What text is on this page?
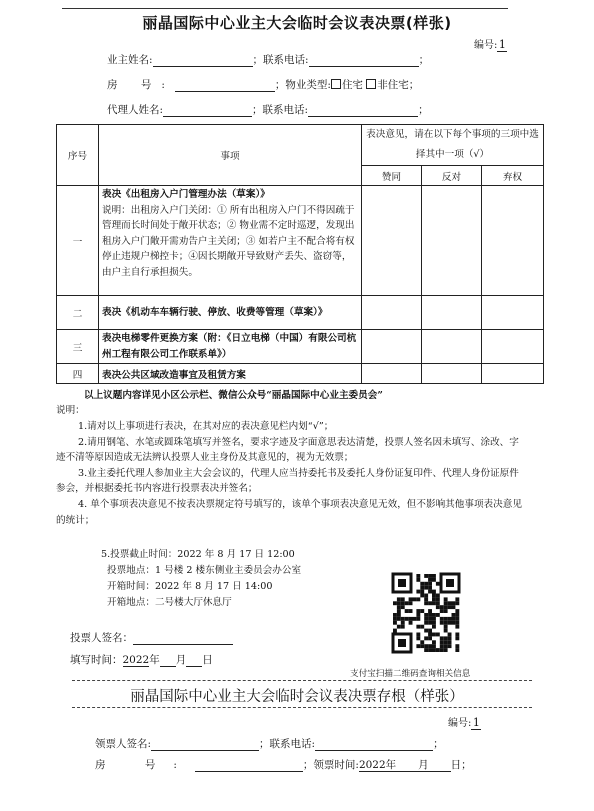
丽晶国际中心业主大会临时会议表决票(样张)
编号: 1
业主姓名:	；联系电话:	；
房 号:	；物业类型: 住宅 非住宅；
代理人姓名:	；联系电话:	；
序号	事项	表决意见，请在以下每个事项的三项中选择其中一项（√）		
		赞同	反对	弃权
一	表决《出租房入户门管理办法（草案）》
说明：出租房入户门关闭：① 所有出租房入户门不得因疏于管理而长时间处于敞开状态；② 物业需不定时巡逻，发现出租房入户门敞开需劝告户主关闭；③ 如若户主不配合将有权停止违规户梯控卡；④因长期敞开导致财产丢失、盗窃等，由户主自行承担损失。			

二	表决《机动车车辆行驶、停放、收费等管理（草案）》			
三	表决电梯零件更换方案（附：《日立电梯（中国）有限公司杭州工程有限公司工作联系单》）			
四	表决公共区域改造事宜及租赁方案			
以上议题内容详见小区公示栏、微信公众号“丽晶国际中心业主委员会”
说明：
1.请对以上事项进行表决，在其对应的表决意见栏内划“√”；
2.请用钢笔、水笔或圆珠笔填写并签名，要求字迹及字面意思表达清楚，投票人签名因未填写、涂改、字迹不清等原因造成无法辨认投票人业主身份及其意见的，视为无效票；
3.业主委托代理人参加业主大会会议的，代理人应当持委托书及委托人身份证复印件、代理人身份证原件参会，并根据委托书内容进行投票表决并签名；
4. 单个事项表决意见不按表决票规定符号填写的，该单个事项表决意见无效，但不影响其他事项表决意见的统计；
5.投票截止时间：2022 年 8 月 17 日 12:00
投票地点：1 号楼 2 楼东侧业主委员会办公室
开箱时间：2022 年 8 月 17 日 14:00
开箱地点：二号楼大厅休息厅
支付宝扫描二维码查询相关信息
投票人签名：
填写时间：2022年 月 日
丽晶国际中心业主大会临时会议表决票存根（样张）
编号: 1
领票人签名:	；联系电话:	；
房 号:	；领票时间:2022年 月 日；
